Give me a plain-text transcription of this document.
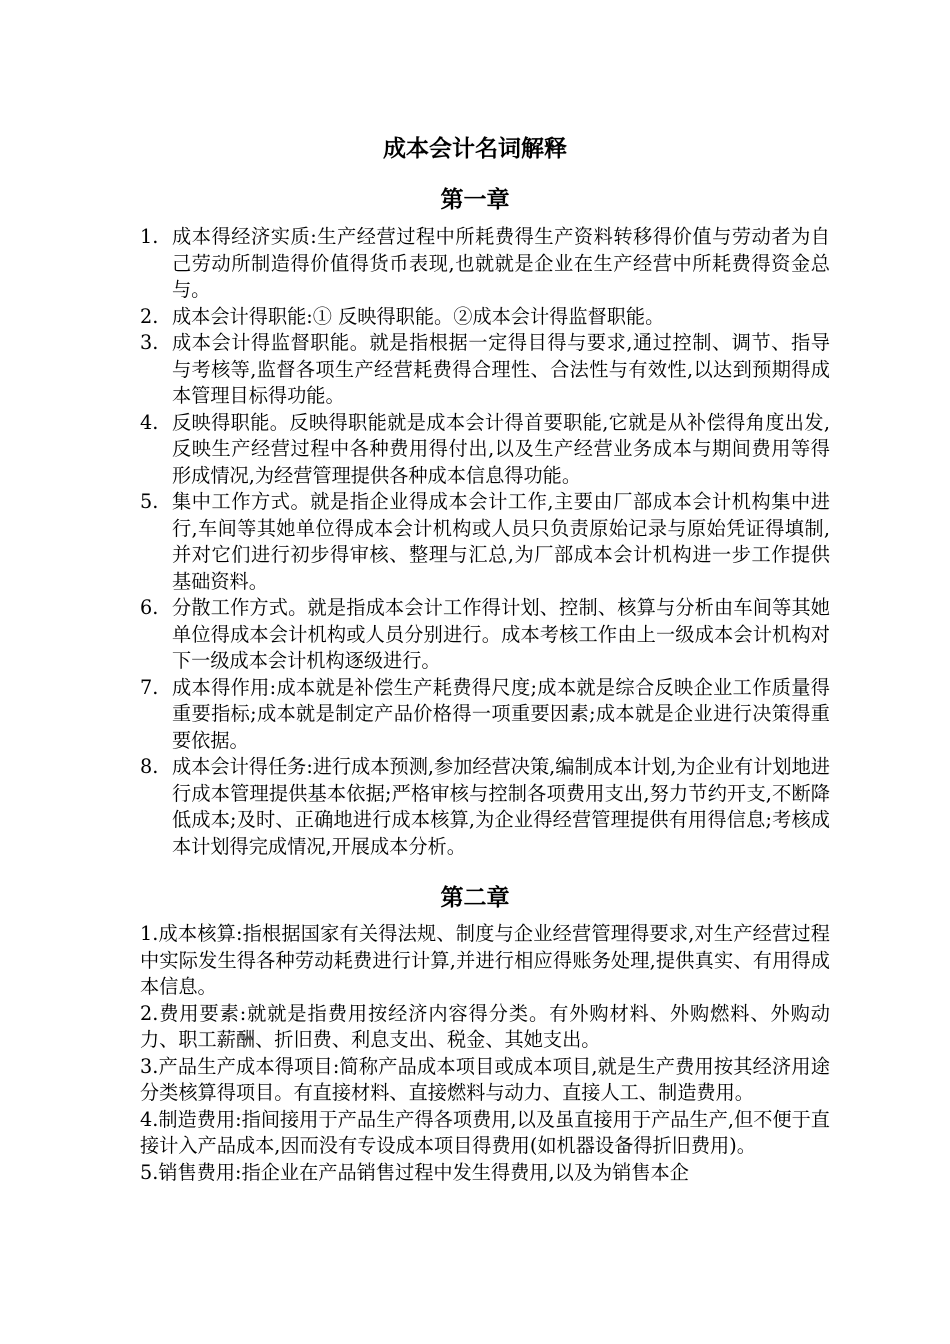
成本会计名词解释
第一章
1. 成本得经济实质:生产经营过程中所耗费得生产资料转移得价值与劳动者为自己劳动所制造得价值得货币表现,也就就是企业在生产经营中所耗费得资金总与。
2. 成本会计得职能:① 反映得职能。②成本会计得监督职能。
3. 成本会计得监督职能。就是指根据一定得目得与要求,通过控制、调节、指导与考核等,监督各项生产经营耗费得合理性、合法性与有效性,以达到预期得成本管理目标得功能。
4. 反映得职能。反映得职能就是成本会计得首要职能,它就是从补偿得角度出发,反映生产经营过程中各种费用得付出,以及生产经营业务成本与期间费用等得形成情况,为经营管理提供各种成本信息得功能。
5. 集中工作方式。就是指企业得成本会计工作,主要由厂部成本会计机构集中进行,车间等其她单位得成本会计机构或人员只负责原始记录与原始凭证得填制,并对它们进行初步得审核、整理与汇总,为厂部成本会计机构进一步工作提供基础资料。
6. 分散工作方式。就是指成本会计工作得计划、控制、核算与分析由车间等其她单位得成本会计机构或人员分别进行。成本考核工作由上一级成本会计机构对下一级成本会计机构逐级进行。
7. 成本得作用:成本就是补偿生产耗费得尺度;成本就是综合反映企业工作质量得重要指标;成本就是制定产品价格得一项重要因素;成本就是企业进行决策得重要依据。
8. 成本会计得任务:进行成本预测,参加经营决策,编制成本计划,为企业有计划地进行成本管理提供基本依据;严格审核与控制各项费用支出,努力节约开支,不断降低成本;及时、正确地进行成本核算,为企业得经营管理提供有用得信息;考核成本计划得完成情况,开展成本分析。
第二章
1.成本核算:指根据国家有关得法规、制度与企业经营管理得要求,对生产经营过程中实际发生得各种劳动耗费进行计算,并进行相应得账务处理,提供真实、有用得成本信息。
2.费用要素:就就是指费用按经济内容得分类。有外购材料、外购燃料、外购动力、职工薪酬、折旧费、利息支出、税金、其她支出。
3.产品生产成本得项目:简称产品成本项目或成本项目,就是生产费用按其经济用途分类核算得项目。有直接材料、直接燃料与动力、直接人工、制造费用。
4.制造费用:指间接用于产品生产得各项费用,以及虽直接用于产品生产,但不便于直接计入产品成本,因而没有专设成本项目得费用(如机器设备得折旧费用)。
5.销售费用:指企业在产品销售过程中发生得费用,以及为销售本企
